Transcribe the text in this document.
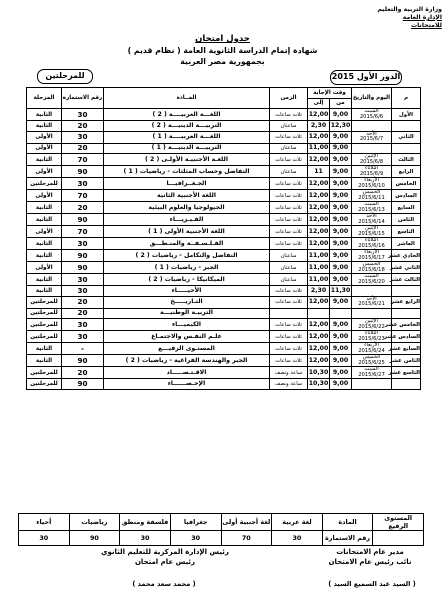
وزارة التربية والتعليم
الإدارة العامة للامتحانات
جدول امتحان
شهادة إتمام الدراسة الثانوية العامة ( نظام قديم )
بجمهورية مصر العربية
الدور الأول 2015
للمرحلتين
م	اليوم والتاريخ	وقت الإجابة		الزمن	المــادة	رقم الاستمارة	المرحلة
		من	إلى				
الأول	السبت
2015/6/6	9,00	12,00	ثلاث ساعات	اللغـــة العربيــــة ( 2 )	30	الثانية

	12,30	2,30	ساعتان	التربيـــة الدينيـــة ( 2 )	20	الثانية
الثاني	الأحد
2015/6/7	9,00	12,00	ثلاث ساعات	اللغـــة العربيــــة ( 1 )	30	الأولى

	9,00	11,00	ساعتان	التربيـــة الدينيـــة ( 1 )	20	الأولى
الثالث	الإثنين
2015/6/8	9,00	12,00	ثلاث ساعات	اللغـة الأجنبيـة الأولـى ( 2 )	70	الثانية
الرابع	الثلاثاء
2015/6/9	9,00	11	ساعتان	التفاضل وحساب المثلثات - رياضيات ( 1 )	90	الأولى
الخامس	الأربعاء
2015/6/10	9,00	12,00	ثلاث ساعات	الجـغــرافيـــا	30	للمرحلتين
السادس	الخميس
2015/6/11	9,00	12,00	ثلاث ساعات	اللغة الأجنبية الثانية	70	الأولى
السابع	السبت
2015/6/13	9,00	12,00	ثلاث ساعات	الجيولوجيا والعلوم البيئية	20	الثانية
الثامن	الأحد
2015/6/14	9,00	12,00	ثلاث ساعات	الفـيـزيـــاء	90	الثانية
التاسع	الإثنين
2015/6/15	9,00	12,00	ثلاث ساعات	اللغة الأجنبية الأولى ( 1 )	70	الأولى
العاشر	الثلاثاء
2015/6/16	9,00	12,00	ثلاث ساعات	الفـلـسـفــة والمنـطـــق	30	الثانية
الحادي عشر	الأربعاء
2015/6/17	9,00	11,00	ساعتان	التفاضل والتكامل - رياضيات ( 2 )	90	الثانية
الثاني عشر	الخميس
2015/6/18	9,00	11,00	ساعتان	الجبر - رياضيات ( 1 )	90	الأولى
الثالث عشر	السبت
2015/6/20	9,00	11,00	ساعتان	الميكانيكا - رياضيات ( 2 )	30	الثانية

	11,30	2,30	ثلاث ساعات	الأحيـــــاء	30	الثانية
الرابع عشر	الأحد
2015/6/21	9,00	12,00	ثلاث ساعات	التـاريـــــخ	20	للمرحلتين

				التربيـة الوطنيـــة	20	للمرحلتين
الخامس عشر	الإثنين
2015/6/22	9,00	12,00	ثلاث ساعات	الكيميـــاء	30	للمرحلتين
السادس عشر	الثلاثاء
2015/6/23	9,00	12,00	ثلاث ساعات	علـم النفـس والاجتمـاع	30	للمرحلتين
السابع عشر	الأربعاء
2015/6/24	9,00	12,00	ثلاث ساعات	المستـوى الرفيـــع	-	الثانية
الثامن عشر	الخميس
2015/6/25	9,00	12,00	ثلاث ساعات	الجبر والهندسة الفراغية - رياضيات ( 2 )	90	الثانية
التاسع عشر	السبت
2015/6/27	9,00	10,30	ساعة ونصف	الاقـتـصـــــاد	20	للمرحلتين

	9,00	10,30	ساعة ونصف	الإحـصــــــاء	90	للمرحلتين
المستوى الرفيع	المادة	لغة عربية	لغة أجنبية أولى	جغرافيا	فلسفة ومنطق	رياضيات	أحياء
	رقم الاستمارة	30	70	30	30	90	30
مدير عام الامتحانات
نائب رئيس عام الامتحان
رئيس الإدارة المركزية للتعليم الثانوي
رئيس عام امتحان
( السيد عبد السميع السيد )
( محمد سعد محمد )
